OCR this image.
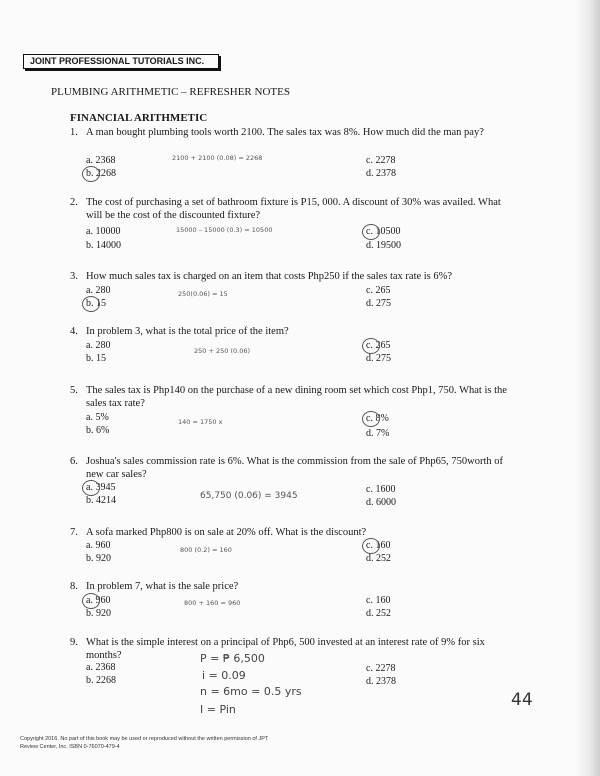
JOINT PROFESSIONAL TUTORIALS INC.
PLUMBING ARITHMETIC – REFRESHER NOTES
FINANCIAL ARITHMETIC
1. A man bought plumbing tools worth 2100. The sales tax was 8%. How much did the man pay?
a. 2368
b. 2268
c. 2278
d. 2378
2100 + 2100 (0.08) = 2268
2. The cost of purchasing a set of bathroom fixture is P15, 000. A discount of 30% was availed. What will be the cost of the discounted fixture?
a. 10000
b. 14000
c. 10500
d. 19500
15000 – 15000 (0.3) = 10500
3. How much sales tax is charged on an item that costs Php250 if the sales tax rate is 6%?
a. 280
b. 15
c. 265
d. 275
250(0.06) = 15
4. In problem 3, what is the total price of the item?
a. 280
b. 15
c. 265
d. 275
250 + 250 (0.06)
5. The sales tax is Php140 on the purchase of a new dining room set which cost Php1, 750. What is the sales tax rate?
a. 5%
b. 6%
c. 8%
d. 7%
140 = 1750 x
6. Joshua's sales commission rate is 6%. What is the commission from the sale of Php65, 750worth of new car sales?
a. 3945
b. 4214
c. 1600
d. 6000
65,750 (0.06) = 3945
7. A sofa marked Php800 is on sale at 20% off. What is the discount?
a. 960
b. 920
c. 160
d. 252
800 (0.2) = 160
8. In problem 7, what is the sale price?
a. 960
b. 920
c. 160
d. 252
800 + 160 = 960
9. What is the simple interest on a principal of Php6, 500 invested at an interest rate of 9% for six months?
a. 2368
b. 2268
c. 2278
d. 2378
P = ₱ 6,500
i = 0.09
n = 6mo = 0.5 yrs
I = Pin	44
Copyright 2016. No part of this book may be used or reproduced without the written permission of JPT
Review Center, Inc. ISBN 0-76070-479-4
